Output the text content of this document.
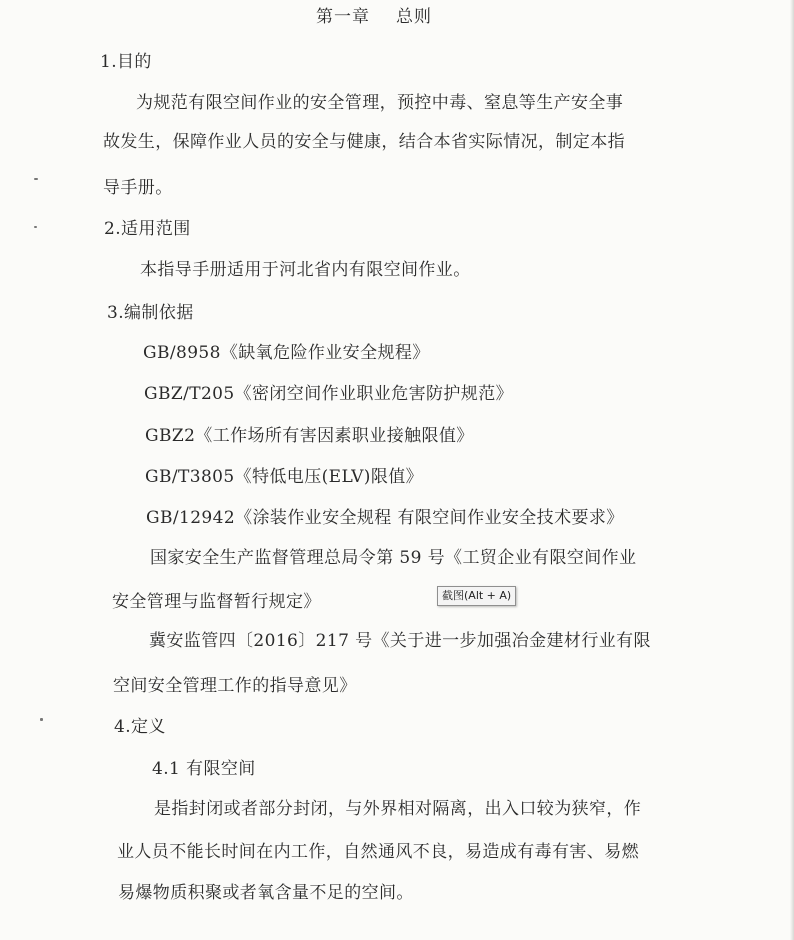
第一章 总则
1.目的
为规范有限空间作业的安全管理，预控中毒、窒息等生产安全事
故发生，保障作业人员的安全与健康，结合本省实际情况，制定本指
导手册。
2.适用范围
本指导手册适用于河北省内有限空间作业。
3.编制依据
GB/8958《缺氧危险作业安全规程》
GBZ/T205《密闭空间作业职业危害防护规范》
GBZ2《工作场所有害因素职业接触限值》
GB/T3805《特低电压(ELV)限值》
GB/12942《涂装作业安全规程 有限空间作业安全技术要求》
国家安全生产监督管理总局令第 59 号《工贸企业有限空间作业
安全管理与监督暂行规定》
冀安监管四〔2016〕217 号《关于进一步加强冶金建材行业有限
空间安全管理工作的指导意见》
4.定义
4.1 有限空间
是指封闭或者部分封闭，与外界相对隔离，出入口较为狭窄，作
业人员不能长时间在内工作，自然通风不良，易造成有毒有害、易燃
易爆物质积聚或者氧含量不足的空间。
截图(Alt + A)
